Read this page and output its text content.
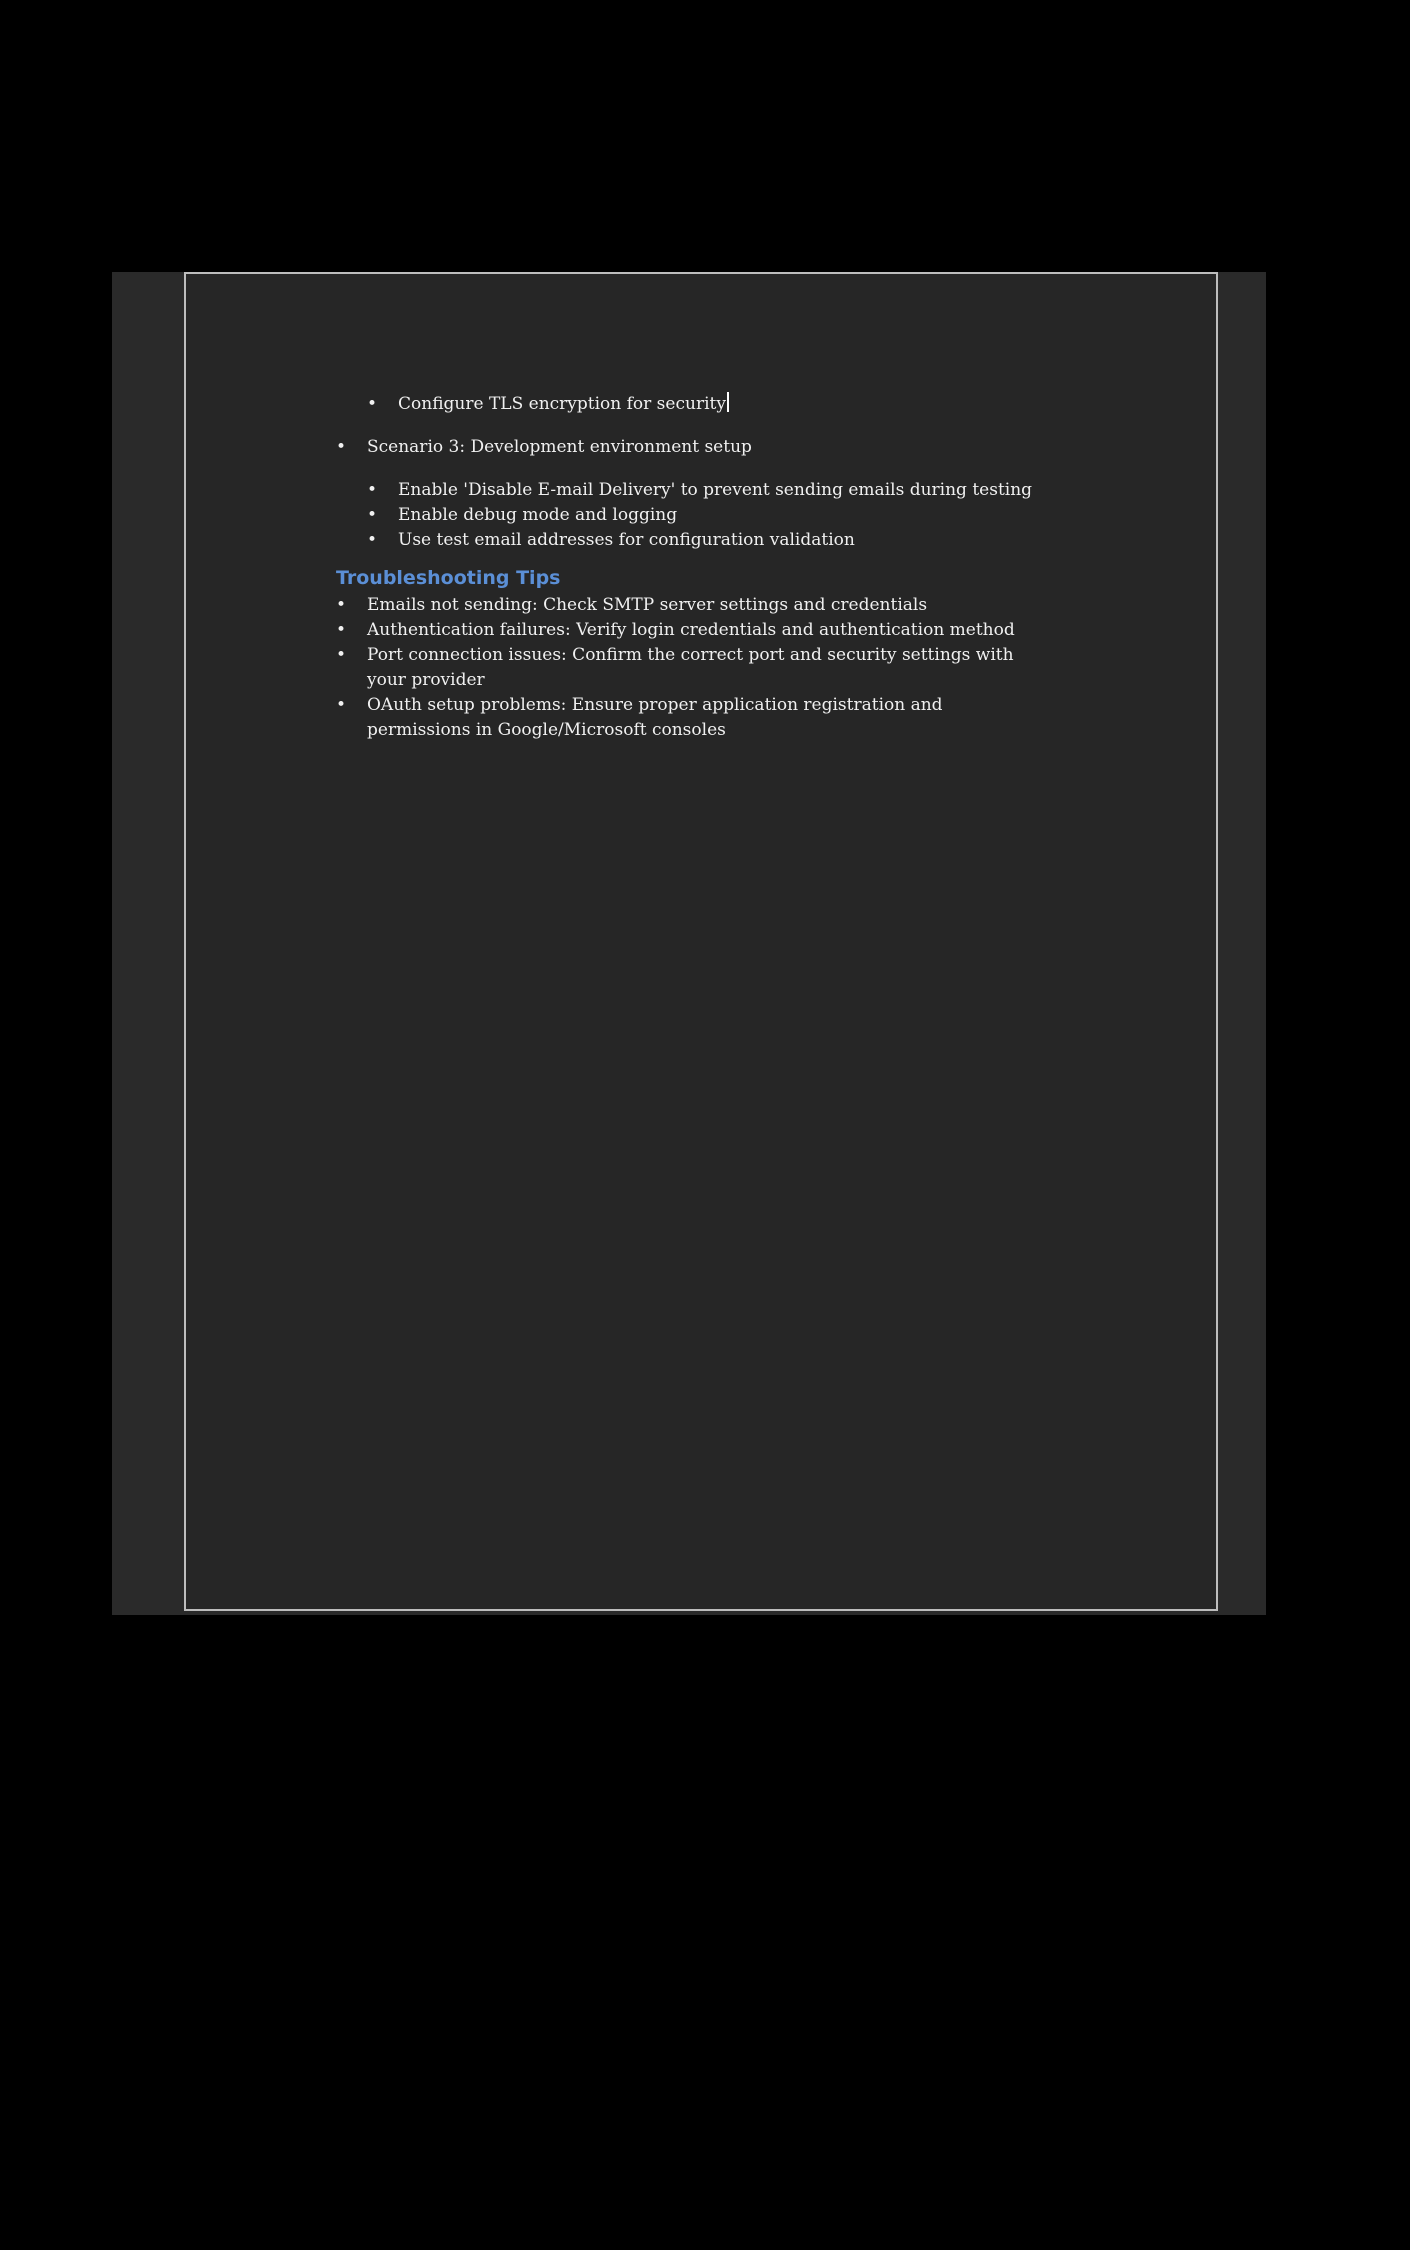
• Configure TLS encryption for security
• Scenario 3: Development environment setup
• Enable 'Disable E-mail Delivery' to prevent sending emails during testing
• Enable debug mode and logging
• Use test email addresses for configuration validation
Troubleshooting Tips
• Emails not sending: Check SMTP server settings and credentials
• Authentication failures: Verify login credentials and authentication method
• Port connection issues: Confirm the correct port and security settings with your provider
• OAuth setup problems: Ensure proper application registration and permissions in Google/Microsoft consoles
